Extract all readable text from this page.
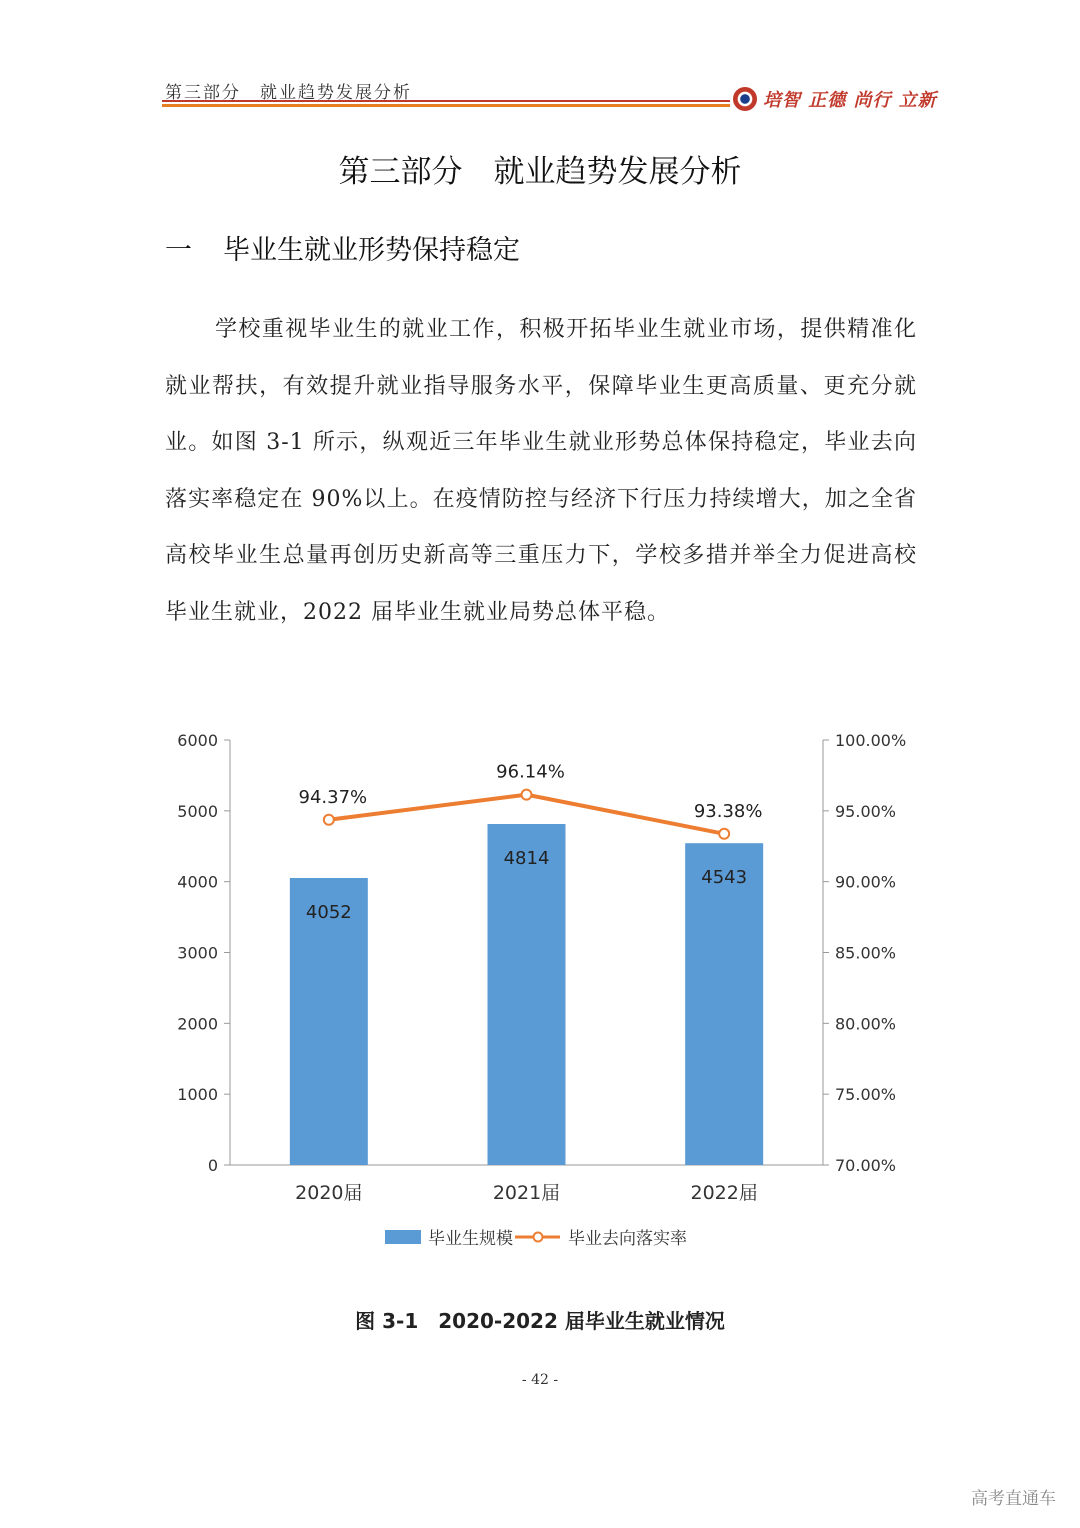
第三部分　就业趋势发展分析	培智 正德 尚行 立新
第三部分　就业趋势发展分析
一 毕业生就业形势保持稳定
学校重视毕业生的就业工作，积极开拓毕业生就业市场，提供精准化就业帮扶，有效提升就业指导服务水平，保障毕业生更高质量、更充分就业。如图 3-1 所示，纵观近三年毕业生就业形势总体保持稳定，毕业去向落实率稳定在 90%以上。在疫情防控与经济下行压力持续增大，加之全省高校毕业生总量再创历史新高等三重压力下，学校多措并举全力促进高校毕业生就业，2022 届毕业生就业局势总体平稳。
0
1000
2000
3000
4000
5000
6000
70.00%
75.00%
80.00%
85.00%
90.00%
95.00%
100.00%
2020届
4052
2021届
4814
2022届
4543
94.37%
96.14%
93.38%
毕业生规模	毕业去向落实率
图 3-1　2020-2022 届毕业生就业情况
- 42 -
高考直通车
